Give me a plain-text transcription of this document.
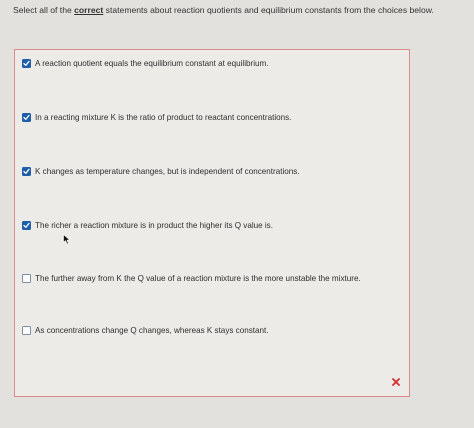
Select all of the correct statements about reaction quotients and equilibrium constants from the choices below.
A reaction quotient equals the equilibrium constant at equilibrium.
In a reacting mixture K is the ratio of product to reactant concentrations.
K changes as temperature changes, but is independent of concentrations.
The richer a reaction mixture is in product the higher its Q value is.
The further away from K the Q value of a reaction mixture is the more unstable the mixture.
As concentrations change Q changes, whereas K stays constant.
